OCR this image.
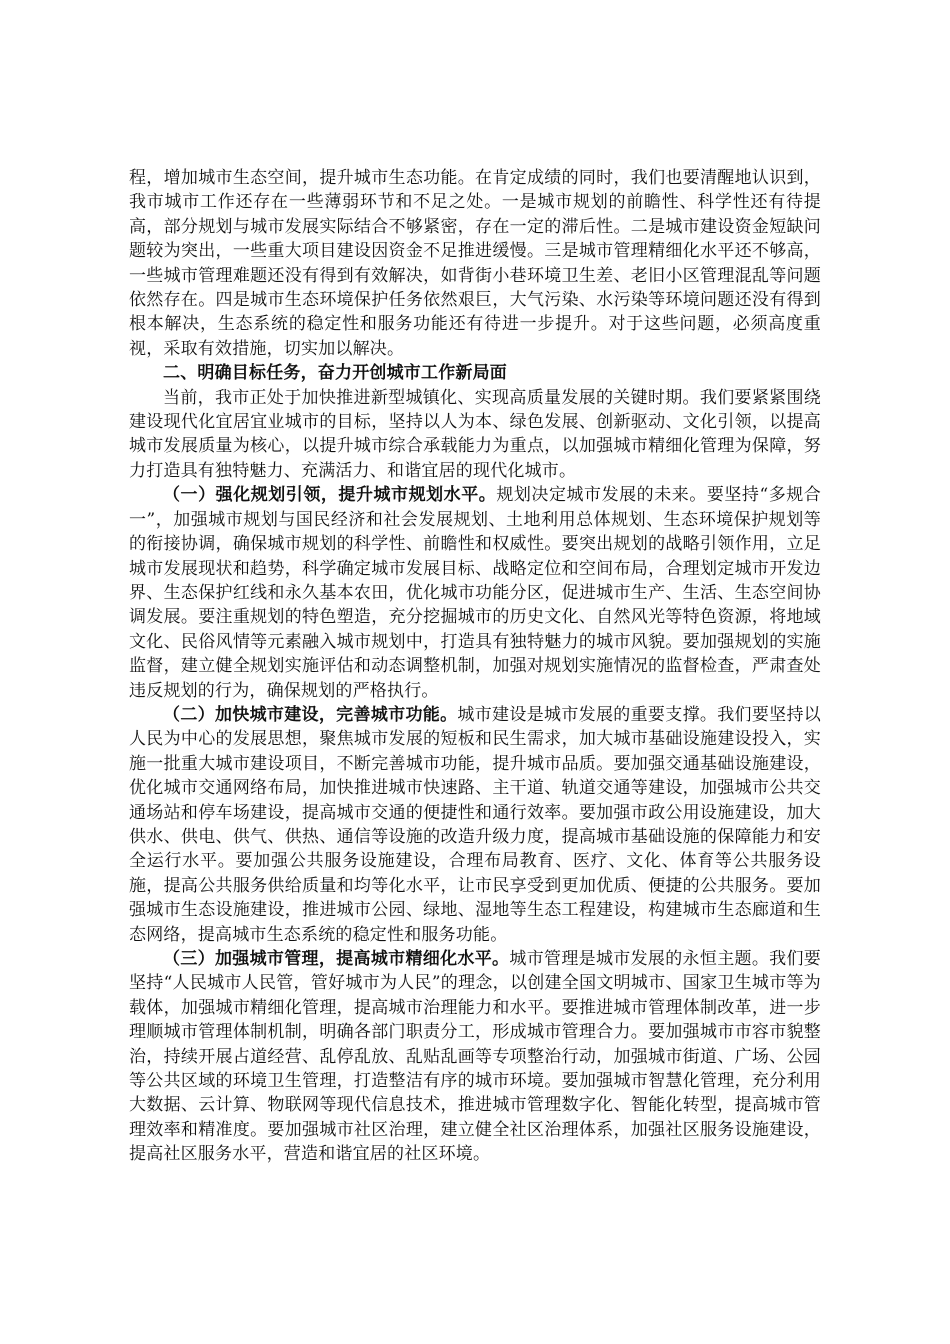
程，增加城市生态空间，提升城市生态功能。在肯定成绩的同时，我们也要清醒地认识到，我市城市工作还存在一些薄弱环节和不足之处。一是城市规划的前瞻性、科学性还有待提高，部分规划与城市发展实际结合不够紧密，存在一定的滞后性。二是城市建设资金短缺问题较为突出，一些重大项目建设因资金不足推进缓慢。三是城市管理精细化水平还不够高，一些城市管理难题还没有得到有效解决，如背街小巷环境卫生差、老旧小区管理混乱等问题依然存在。四是城市生态环境保护任务依然艰巨，大气污染、水污染等环境问题还没有得到根本解决，生态系统的稳定性和服务功能还有待进一步提升。对于这些问题，必须高度重视，采取有效措施，切实加以解决。

二、明确目标任务，奋力开创城市工作新局面

当前，我市正处于加快推进新型城镇化、实现高质量发展的关键时期。我们要紧紧围绕建设现代化宜居宜业城市的目标，坚持以人为本、绿色发展、创新驱动、文化引领，以提高城市发展质量为核心，以提升城市综合承载能力为重点，以加强城市精细化管理为保障，努力打造具有独特魅力、充满活力、和谐宜居的现代化城市。

（一）强化规划引领，提升城市规划水平。规划决定城市发展的未来。要坚持“多规合一”，加强城市规划与国民经济和社会发展规划、土地利用总体规划、生态环境保护规划等的衔接协调，确保城市规划的科学性、前瞻性和权威性。要突出规划的战略引领作用，立足城市发展现状和趋势，科学确定城市发展目标、战略定位和空间布局，合理划定城市开发边界、生态保护红线和永久基本农田，优化城市功能分区，促进城市生产、生活、生态空间协调发展。要注重规划的特色塑造，充分挖掘城市的历史文化、自然风光等特色资源，将地域文化、民俗风情等元素融入城市规划中，打造具有独特魅力的城市风貌。要加强规划的实施监督，建立健全规划实施评估和动态调整机制，加强对规划实施情况的监督检查，严肃查处违反规划的行为，确保规划的严格执行。

（二）加快城市建设，完善城市功能。城市建设是城市发展的重要支撑。我们要坚持以人民为中心的发展思想，聚焦城市发展的短板和民生需求，加大城市基础设施建设投入，实施一批重大城市建设项目，不断完善城市功能，提升城市品质。要加强交通基础设施建设，优化城市交通网络布局，加快推进城市快速路、主干道、轨道交通等建设，加强城市公共交通场站和停车场建设，提高城市交通的便捷性和通行效率。要加强市政公用设施建设，加大供水、供电、供气、供热、通信等设施的改造升级力度，提高城市基础设施的保障能力和安全运行水平。要加强公共服务设施建设，合理布局教育、医疗、文化、体育等公共服务设施，提高公共服务供给质量和均等化水平，让市民享受到更加优质、便捷的公共服务。要加强城市生态设施建设，推进城市公园、绿地、湿地等生态工程建设，构建城市生态廊道和生态网络，提高城市生态系统的稳定性和服务功能。

（三）加强城市管理，提高城市精细化水平。城市管理是城市发展的永恒主题。我们要坚持“人民城市人民管，管好城市为人民”的理念，以创建全国文明城市、国家卫生城市等为载体，加强城市精细化管理，提高城市治理能力和水平。要推进城市管理体制改革，进一步理顺城市管理体制机制，明确各部门职责分工，形成城市管理合力。要加强城市市容市貌整治，持续开展占道经营、乱停乱放、乱贴乱画等专项整治行动，加强城市街道、广场、公园等公共区域的环境卫生管理，打造整洁有序的城市环境。要加强城市智慧化管理，充分利用大数据、云计算、物联网等现代信息技术，推进城市管理数字化、智能化转型，提高城市管理效率和精准度。要加强城市社区治理，建立健全社区治理体系，加强社区服务设施建设，提高社区服务水平，营造和谐宜居的社区环境。
